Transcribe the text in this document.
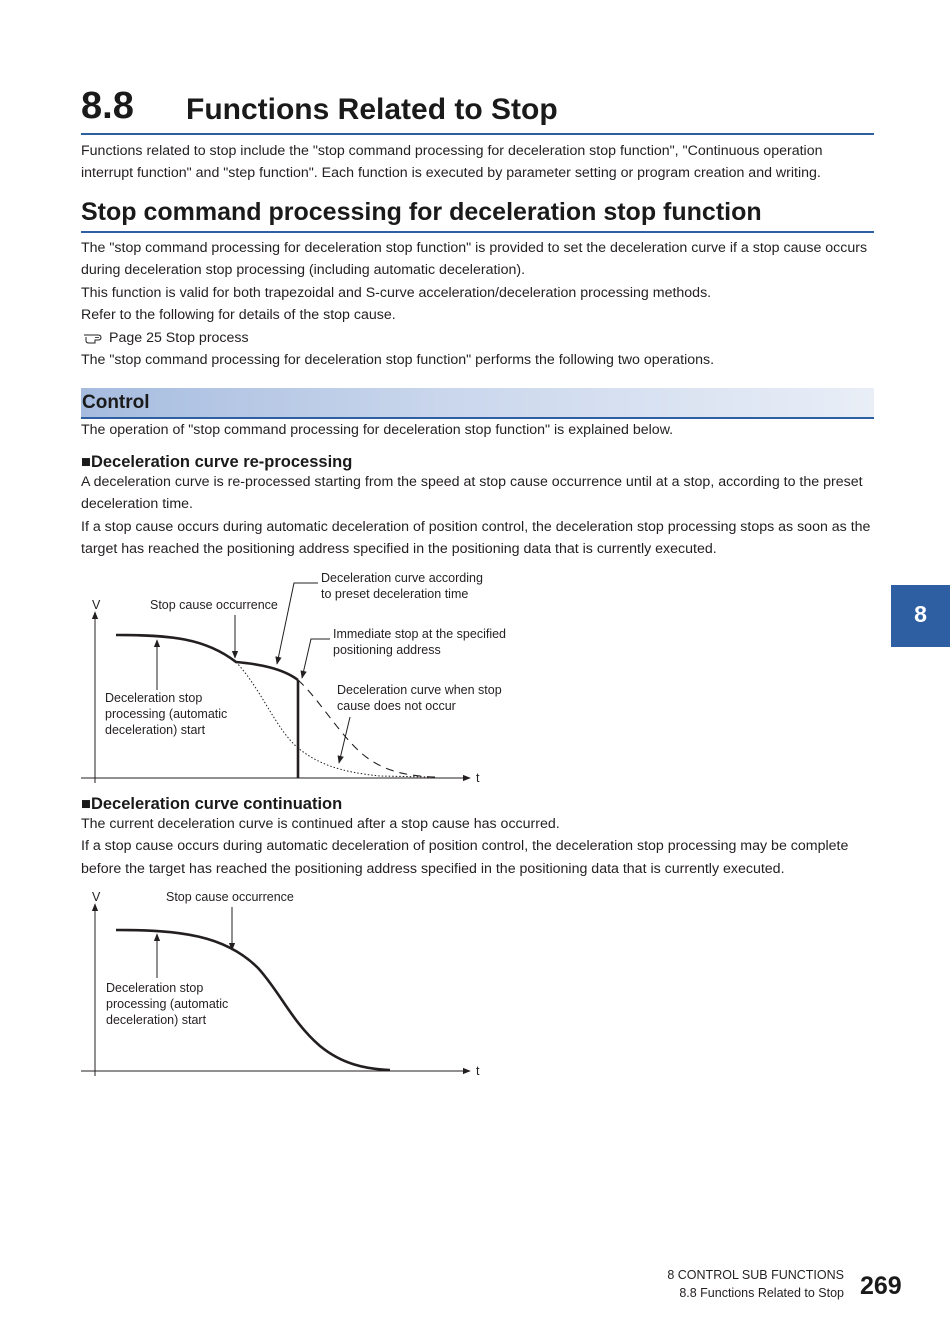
8.8 Functions Related to Stop

Functions related to stop include the "stop command processing for deceleration stop function", "Continuous operation

interrupt function" and "step function". Each function is executed by parameter setting or program creation and writing.

Stop command processing for deceleration stop function

The "stop command processing for deceleration stop function" is provided to set the deceleration curve if a stop cause occurs

during deceleration stop processing (including automatic deceleration).

This function is valid for both trapezoidal and S-curve acceleration/deceleration processing methods.

Refer to the following for details of the stop cause.

Page 25 Stop process

The "stop command processing for deceleration stop function" performs the following two operations.

Control
The operation of "stop command processing for deceleration stop function" is explained below.
■Deceleration curve re-processing

A deceleration curve is re-processed starting from the speed at stop cause occurrence until at a stop, according to the preset

deceleration time.

If a stop cause occurs during automatic deceleration of position control, the deceleration stop processing stops as soon as the

target has reached the positioning address specified in the positioning data that is currently executed.

V
t
Stop cause occurrence
Deceleration curve according
to preset deceleration time
Immediate stop at the specified
positioning address
Deceleration curve when stop
cause does not occur
Deceleration stop
processing (automatic
deceleration) start
V
t
Stop cause occurrence
Deceleration stop
processing (automatic
deceleration) start
■Deceleration curve continuation

The current deceleration curve is continued after a stop cause has occurred.

If a stop cause occurs during automatic deceleration of position control, the deceleration stop processing may be complete

before the target has reached the positioning address specified in the positioning data that is currently executed.

8
8 CONTROL SUB FUNCTIONS
8.8 Functions Related to Stop 269
